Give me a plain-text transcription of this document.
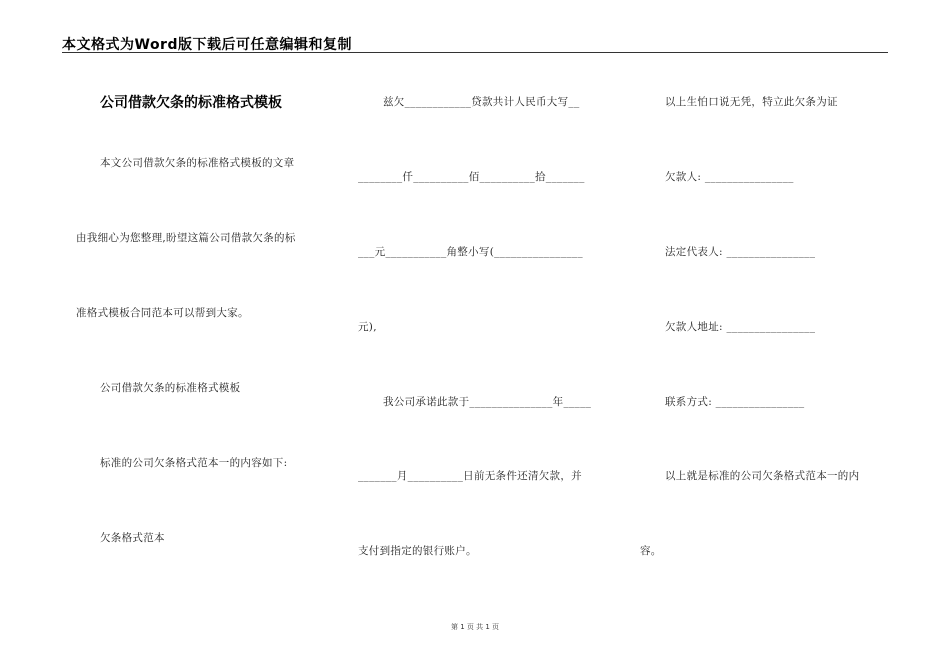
本文格式为Word版下载后可任意编辑和复制
公司借款欠条的标准格式模板
本文公司借款欠条的标准格式模板的文章
由我细心为您整理,盼望这篇公司借款欠条的标
准格式模板合同范本可以帮到大家。
公司借款欠条的标准格式模板
标准的公司欠条格式范本一的内容如下:
欠条格式范本
兹欠____________贷款共计人民币大写__
________仟__________佰__________拾_______
___元___________角整小写(________________
元),
我公司承诺此款于_______________年_____
_______月__________日前无条件还清欠款，并
支付到指定的银行账户。
以上生怕口说无凭，特立此欠条为证
欠款人: ________________
法定代表人: ________________
欠款人地址: ________________
联系方式: ________________
以上就是标准的公司欠条格式范本一的内
容。
第 1 页 共 1 页
